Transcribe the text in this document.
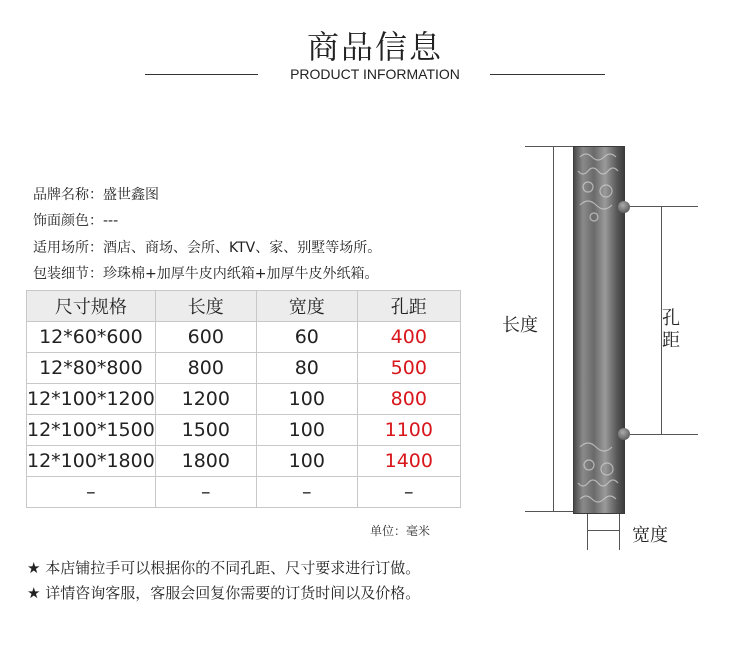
商品信息
PRODUCT INFORMATION
品牌名称：盛世鑫图
饰面颜色：---
适用场所：酒店、商场、会所、KTV、家、别墅等场所。
包装细节：珍珠棉+加厚牛皮内纸箱+加厚牛皮外纸箱。
尺寸规格	长度	宽度	孔距
12*60*600	600	60	400
12*80*800	800	80	500
12*100*1200	1200	100	800
12*100*1500	1500	100	1100
12*100*1800	1800	100	1400
–	–	–	–
单位：毫米
★ 本店铺拉手可以根据你的不同孔距、尺寸要求进行订做。
★ 详情咨询客服，客服会回复你需要的订货时间以及价格。
长度	孔
距
宽度
